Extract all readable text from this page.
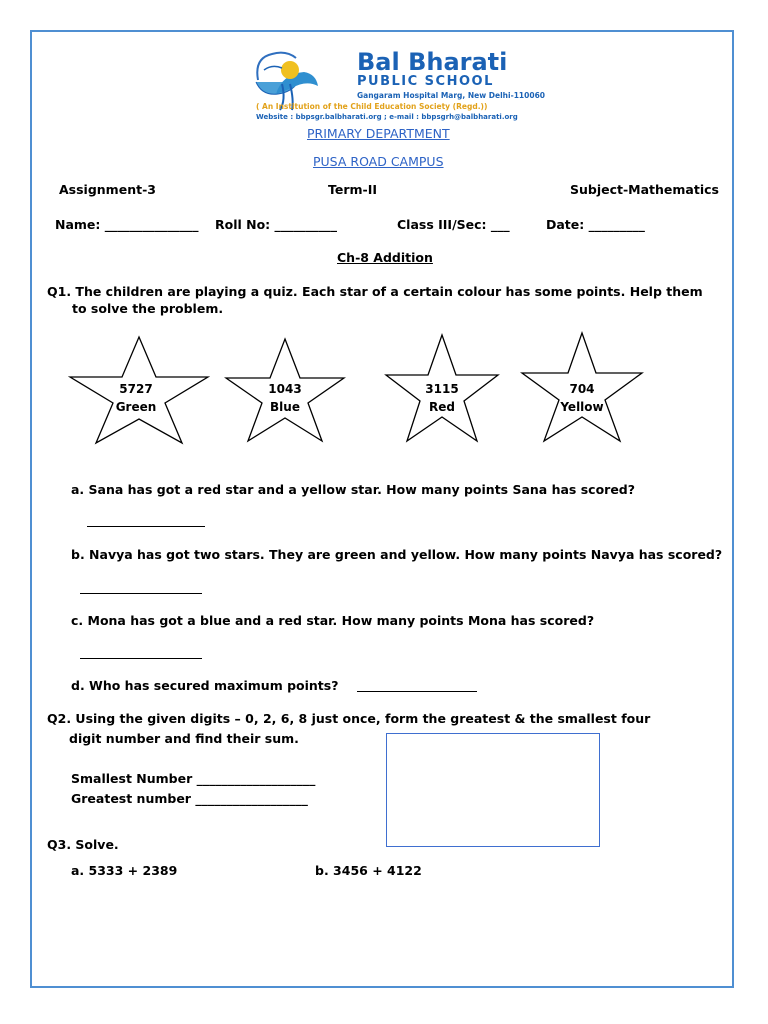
Bal Bharati
PUBLIC SCHOOL
Gangaram Hospital Marg, New Delhi-110060
( An Institution of the Child Education Society (Regd.))
Website : bbpsgr.balbharati.org ; e-mail : bbpsgrh@balbharati.org
PRIMARY DEPARTMENT
PUSA ROAD CAMPUS
Assignment-3	Term-II	Subject-Mathematics
Name: _______________ Roll No: __________	Class III/Sec: ___	Date: _________
Ch-8 Addition
Q1. The children are playing a quiz. Each star of a certain colour has some points. Help them
to solve the problem.
5727
Green
1043
Blue
3115
Red
704
Yellow
a. Sana has got a red star and a yellow star. How many points Sana has scored?
b. Navya has got two stars. They are green and yellow. How many points Navya has scored?
c. Mona has got a blue and a red star. How many points Mona has scored?
d. Who has secured maximum points?
Q2. Using the given digits – 0, 2, 6, 8 just once, form the greatest & the smallest four
digit number and find their sum.
Smallest Number ___________________
Greatest number __________________
Q3. Solve.
a. 5333 + 2389	b. 3456 + 4122
